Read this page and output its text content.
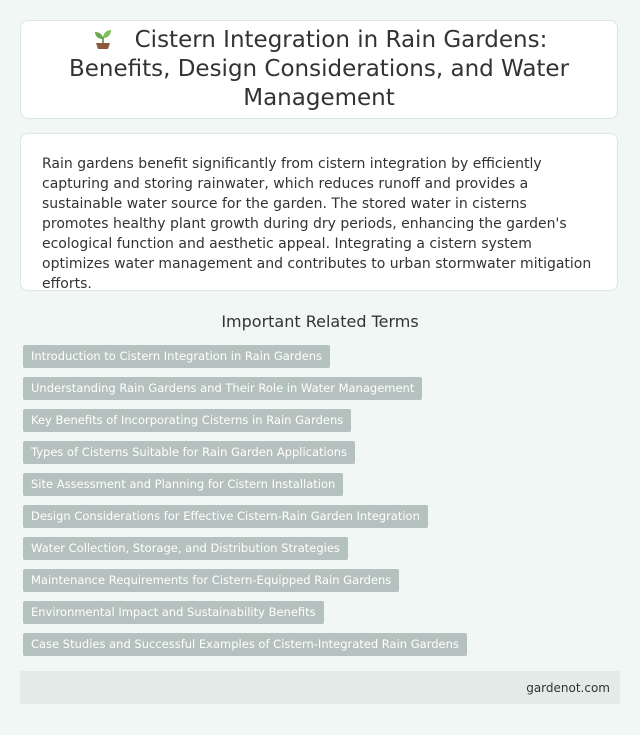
Cistern Integration in Rain Gardens: Benefits, Design Considerations, and Water Management

Rain gardens benefit significantly from cistern integration by efficiently capturing and storing rainwater, which reduces runoff and provides a sustainable water source for the garden. The stored water in cisterns promotes healthy plant growth during dry periods, enhancing the garden's ecological function and aesthetic appeal. Integrating a cistern system optimizes water management and contributes to urban stormwater mitigation efforts.

Important Related Terms
Introduction to Cistern Integration in Rain Gardens
Understanding Rain Gardens and Their Role in Water Management
Key Benefits of Incorporating Cisterns in Rain Gardens
Types of Cisterns Suitable for Rain Garden Applications
Site Assessment and Planning for Cistern Installation
Design Considerations for Effective Cistern-Rain Garden Integration
Water Collection, Storage, and Distribution Strategies
Maintenance Requirements for Cistern-Equipped Rain Gardens
Environmental Impact and Sustainability Benefits
Case Studies and Successful Examples of Cistern-Integrated Rain Gardens
gardenot.com
